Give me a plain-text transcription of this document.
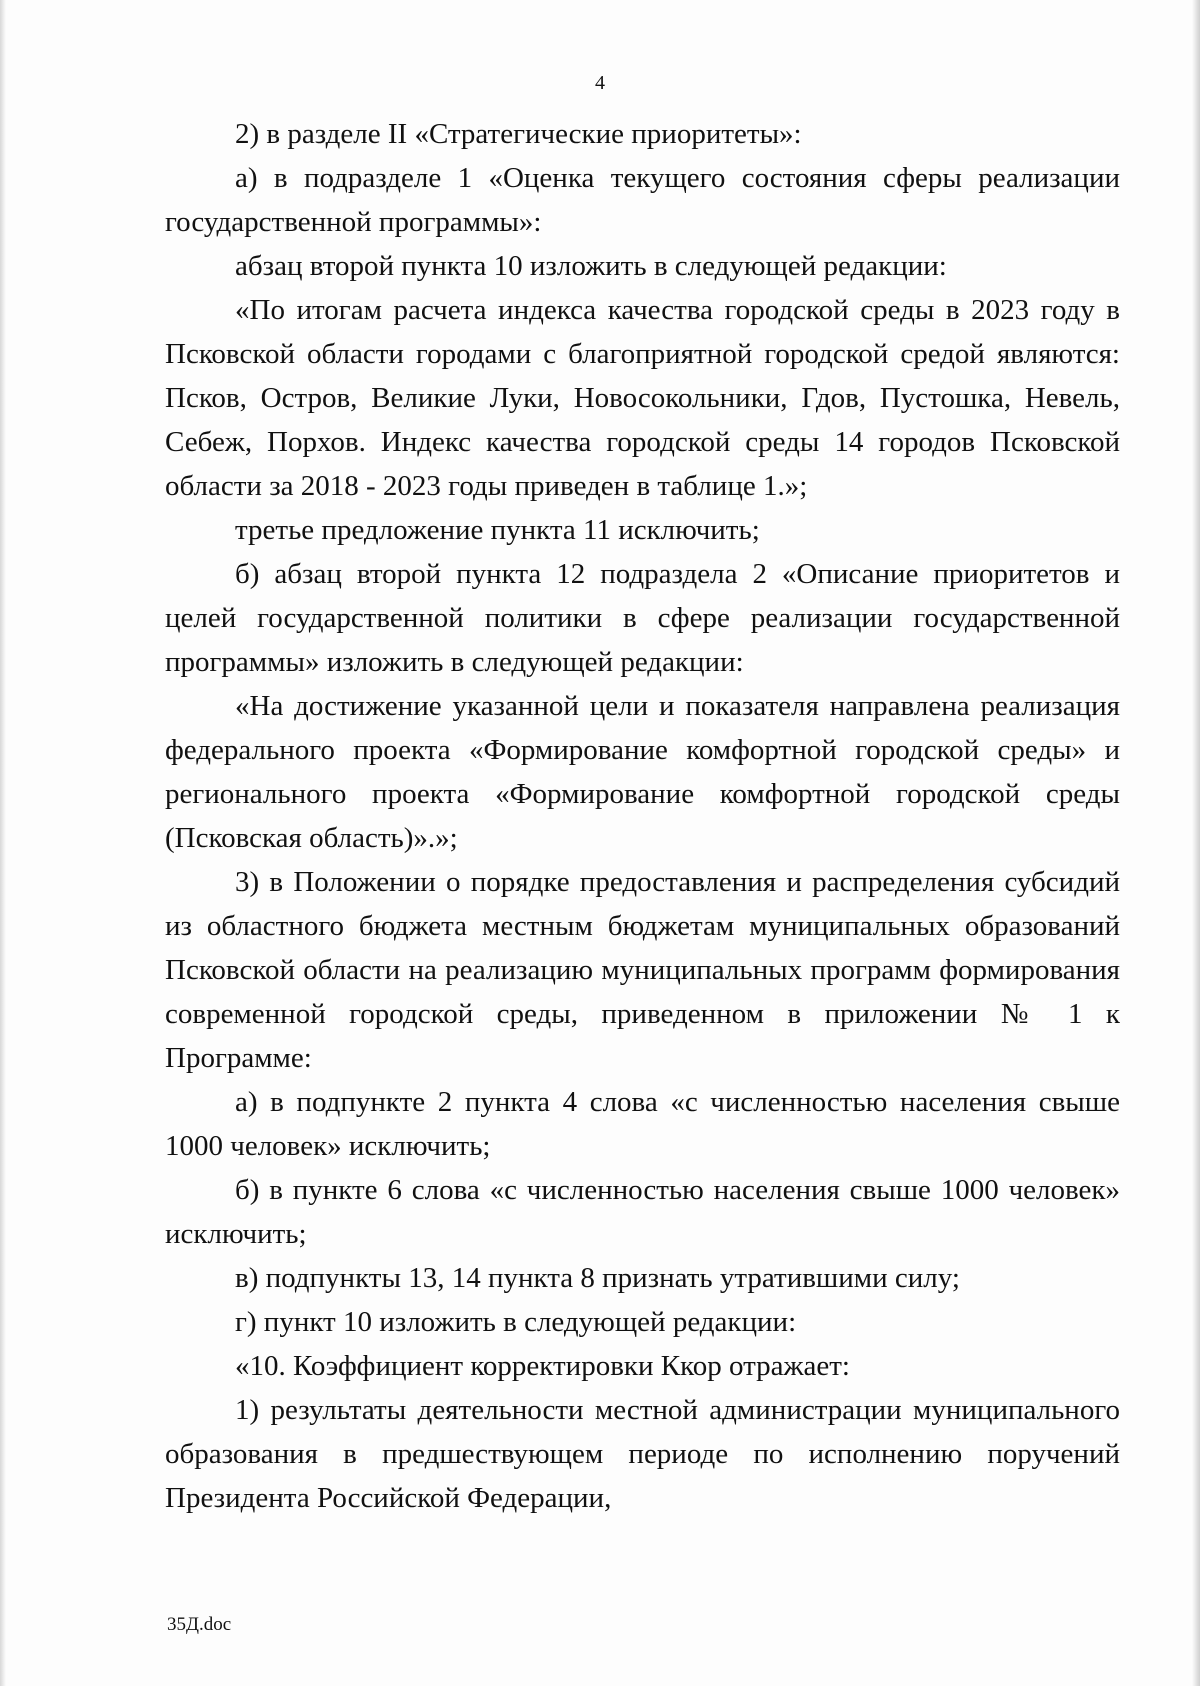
4

2) в разделе II «Стратегические приоритеты»:

а) в подразделе 1 «Оценка текущего состояния сферы реализации государственной программы»:

абзац второй пункта 10 изложить в следующей редакции:

«По итогам расчета индекса качества городской среды в 2023 году в Псковской области городами с благоприятной городской средой являются: Псков, Остров, Великие Луки, Новосокольники, Гдов, Пустошка, Невель, Себеж, Порхов. Индекс качества городской среды 14 городов Псковской области за 2018 - 2023 годы приведен в таблице 1.»;

третье предложение пункта 11 исключить;

б) абзац второй пункта 12 подраздела 2 «Описание приоритетов и целей государственной политики в сфере реализации государственной программы» изложить в следующей редакции:

«На достижение указанной цели и показателя направлена реализация федерального проекта «Формирование комфортной городской среды» и регионального проекта «Формирование комфортной городской среды (Псковская область)».»;

3) в Положении о порядке предоставления и распределения субсидий из областного бюджета местным бюджетам муниципальных образований Псковской области на реализацию муниципальных программ формирования современной городской среды, приведенном в приложении № 1 к Программе:

а) в подпункте 2 пункта 4 слова «с численностью населения свыше 1000 человек» исключить;

б) в пункте 6 слова «с численностью населения свыше 1000 человек» исключить;

в) подпункты 13, 14 пункта 8 признать утратившими силу;

г) пункт 10 изложить в следующей редакции:

«10. Коэффициент корректировки Ккор отражает:

1) результаты деятельности местной администрации муниципального образования в предшествующем периоде по исполнению поручений Президента Российской Федерации,

35Д.doc
